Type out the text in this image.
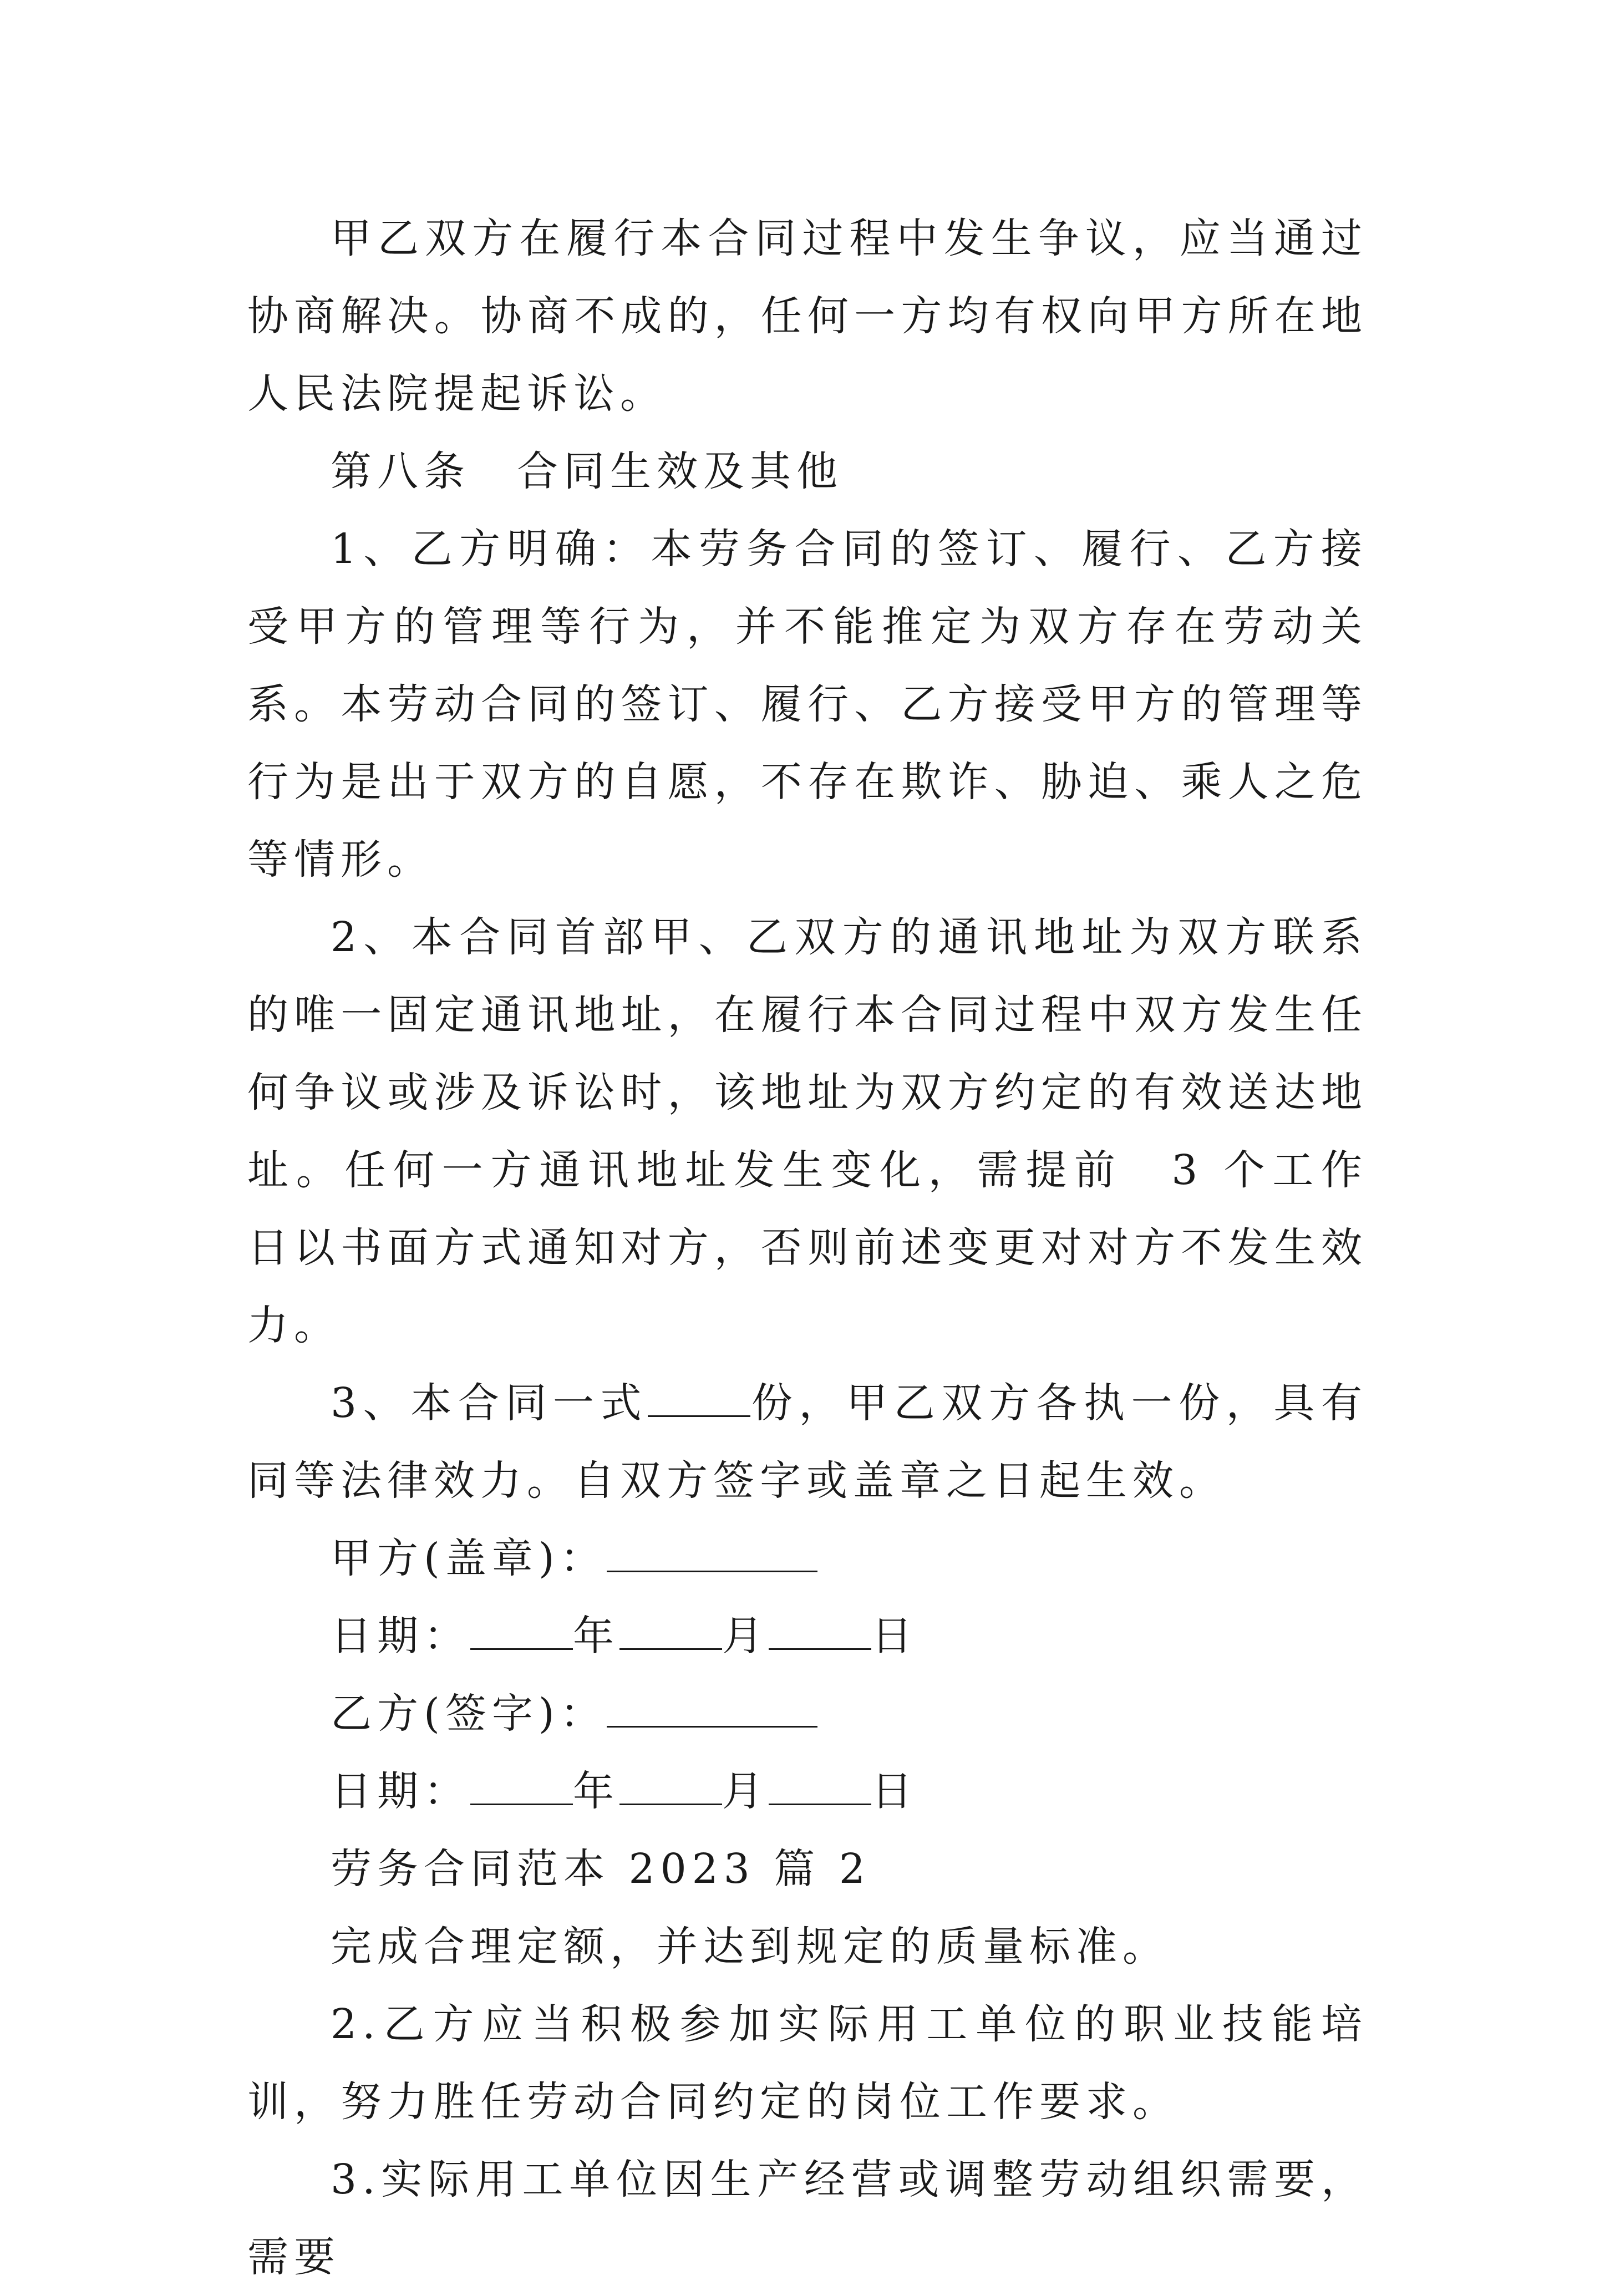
甲乙双方在履行本合同过程中发生争议，应当通过协商解决。协商不成的，任何一方均有权向甲方所在地人民法院提起诉讼。

第八条　合同生效及其他

1、乙方明确：本劳务合同的签订、履行、乙方接受甲方的管理等行为，并不能推定为双方存在劳动关系。本劳动合同的签订、履行、乙方接受甲方的管理等行为是出于双方的自愿，不存在欺诈、胁迫、乘人之危等情形。

2、本合同首部甲、乙双方的通讯地址为双方联系的唯一固定通讯地址，在履行本合同过程中双方发生任何争议或涉及诉讼时，该地址为双方约定的有效送达地址。任何一方通讯地址发生变化，需提前　3 个工作日以书面方式通知对方，否则前述变更对对方不发生效力。

3、本合同一式	份，甲乙双方各执一份，具有同等法律效力。自双方签字或盖章之日起生效。

甲方(盖章)：

日期：	年	月	日

乙方(签字)：

日期：	年	月	日

劳务合同范本 2023 篇 2

完成合理定额，并达到规定的质量标准。

2.乙方应当积极参加实际用工单位的职业技能培训，努力胜任劳动合同约定的岗位工作要求。

3.实际用工单位因生产经营或调整劳动组织需要，需要
